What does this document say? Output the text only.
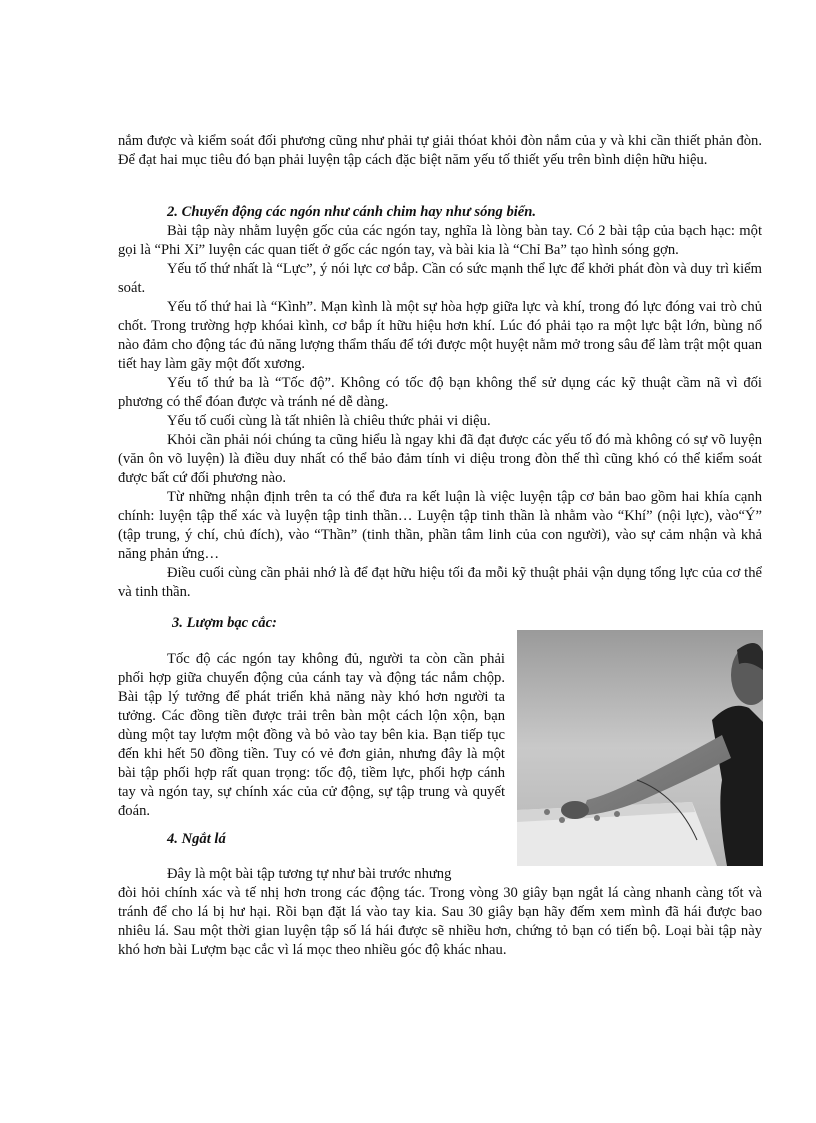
nắm được và kiểm soát đối phương cũng như phải tự giải thóat khỏi đòn nắm của y và khi cần thiết phản đòn. Để đạt hai mục tiêu đó bạn phải luyện tập cách đặc biệt năm yếu tố thiết yếu trên bình diện hữu hiệu.

2. Chuyển động các ngón như cánh chim hay như sóng biển.

Bài tập này nhằm luyện gốc của các ngón tay, nghĩa là lòng bàn tay. Có 2 bài tập của bạch hạc: một gọi là “Phi Xỉ” luyện các quan tiết ở gốc các ngón tay, và bài kia là “Chỉ Ba” tạo hình sóng gợn.

Yếu tố thứ nhất là “Lực”, ý nói lực cơ bắp. Cần có sức mạnh thể lực để khởi phát đòn và duy trì kiểm soát.

Yếu tố thứ hai là “Kình”. Mạn kình là một sự hòa hợp giữa lực và khí, trong đó lực đóng vai trò chủ chốt. Trong trường hợp khóai kình, cơ bắp ít hữu hiệu hơn khí. Lúc đó phải tạo ra một lực bật lớn, bùng nổ nào đảm cho động tác đủ năng lượng thẩm thấu để tới được một huyệt nằm mở trong sâu để làm trật một quan tiết hay làm gãy một đốt xương.

Yếu tố thứ ba là “Tốc độ”. Không có tốc độ bạn không thể sử dụng các kỹ thuật cầm nã vì đối phương có thể đóan được và tránh né dễ dàng.

Yếu tố cuối cùng là tất nhiên là chiêu thức phải vi diệu.

Khỏi cần phải nói chúng ta cũng hiểu là ngay khi đã đạt được các yếu tố đó mà không có sự võ luyện (văn ôn võ luyện) là điều duy nhất có thể bảo đảm tính vi diệu trong đòn thế thì cũng khó có thể kiểm soát được bất cứ đối phương nào.

Từ những nhận định trên ta có thể đưa ra kết luận là việc luyện tập cơ bản bao gồm hai khía cạnh chính: luyện tập thể xác và luyện tập tinh thần… Luyện tập tinh thần là nhằm vào “Khí” (nội lực), vào“Ý” (tập trung, ý chí, chủ đích), vào “Thần” (tinh thần, phần tâm linh của con người), vào sự cảm nhận và khả năng phản ứng…

Điều cuối cùng cần phải nhớ là để đạt hữu hiệu tối đa mỗi kỹ thuật phải vận dụng tổng lực của cơ thể và tinh thần.

3. Lượm bạc cắc:

Tốc độ các ngón tay không đủ, người ta còn cần phải phối hợp giữa chuyển động của cánh tay và động tác nắm chộp. Bài tập lý tưởng để phát triển khả năng này khó hơn người ta tưởng. Các đồng tiền được trải trên bàn một cách lộn xộn, bạn dùng một tay lượm một đồng và bỏ vào tay bên kia. Bạn tiếp tục đến khi hết 50 đồng tiền. Tuy có vẻ đơn giản, nhưng đây là một bài tập phối hợp rất quan trọng: tốc độ, tiềm lực, phối hợp cánh tay và ngón tay, sự chính xác của cử động, sự tập trung và quyết đoán.

4. Ngắt lá

Đây là một bài tập tương tự như bài trước nhưng

đòi hỏi chính xác và tế nhị hơn trong các động tác. Trong vòng 30 giây bạn ngắt lá càng nhanh càng tốt và tránh để cho lá bị hư hại. Rồi bạn đặt lá vào tay kia. Sau 30 giây bạn hãy đếm xem mình đã hái được bao nhiêu lá. Sau một thời gian luyện tập số lá hái được sẽ nhiều hơn, chứng tỏ bạn có tiến bộ. Loại bài tập này khó hơn bài Lượm bạc cắc vì lá mọc theo nhiều góc độ khác nhau.
